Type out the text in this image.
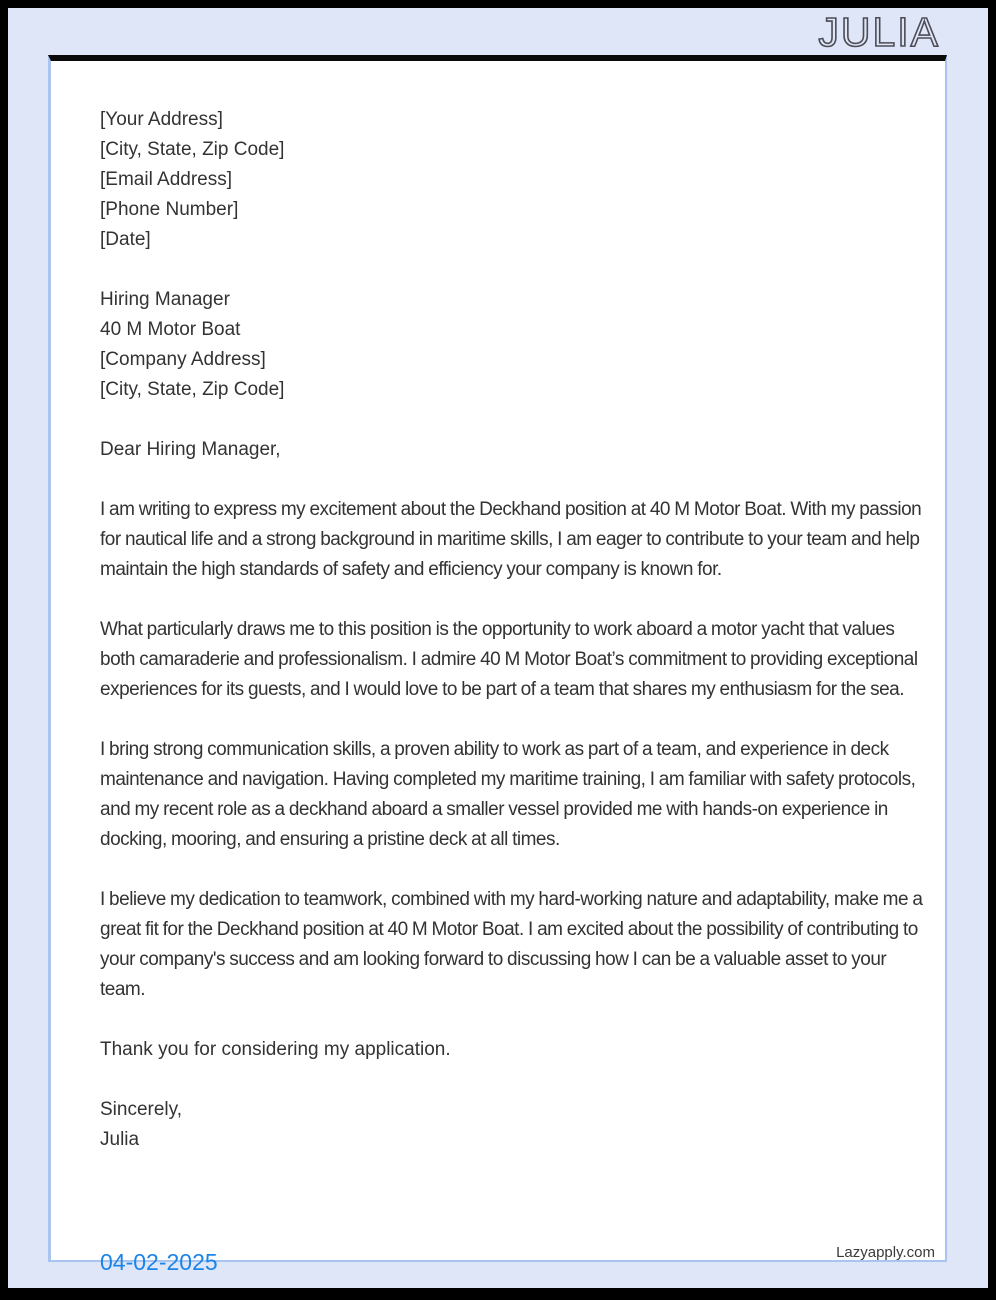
JULIA
[Your Address]
[City, State, Zip Code]
[Email Address]
[Phone Number]
[Date]
Hiring Manager
40 M Motor Boat
[Company Address]
[City, State, Zip Code]
Dear Hiring Manager,

I am writing to express my excitement about the Deckhand position at 40 M Motor Boat. With my passion for nautical life and a strong background in maritime skills, I am eager to contribute to your team and help maintain the high standards of safety and efficiency your company is known for.

What particularly draws me to this position is the opportunity to work aboard a motor yacht that values both camaraderie and professionalism. I admire 40 M Motor Boat’s commitment to providing exceptional experiences for its guests, and I would love to be part of a team that shares my enthusiasm for the sea.

I bring strong communication skills, a proven ability to work as part of a team, and experience in deck maintenance and navigation. Having completed my maritime training, I am familiar with safety protocols, and my recent role as a deckhand aboard a smaller vessel provided me with hands-on experience in docking, mooring, and ensuring a pristine deck at all times.

I believe my dedication to teamwork, combined with my hard-working nature and adaptability, make me a great fit for the Deckhand position at 40 M Motor Boat. I am excited about the possibility of contributing to your company's success and am looking forward to discussing how I can be a valuable asset to your team.

Thank you for considering my application.
Sincerely,
Julia
04-02-2025	Lazyapply.com
